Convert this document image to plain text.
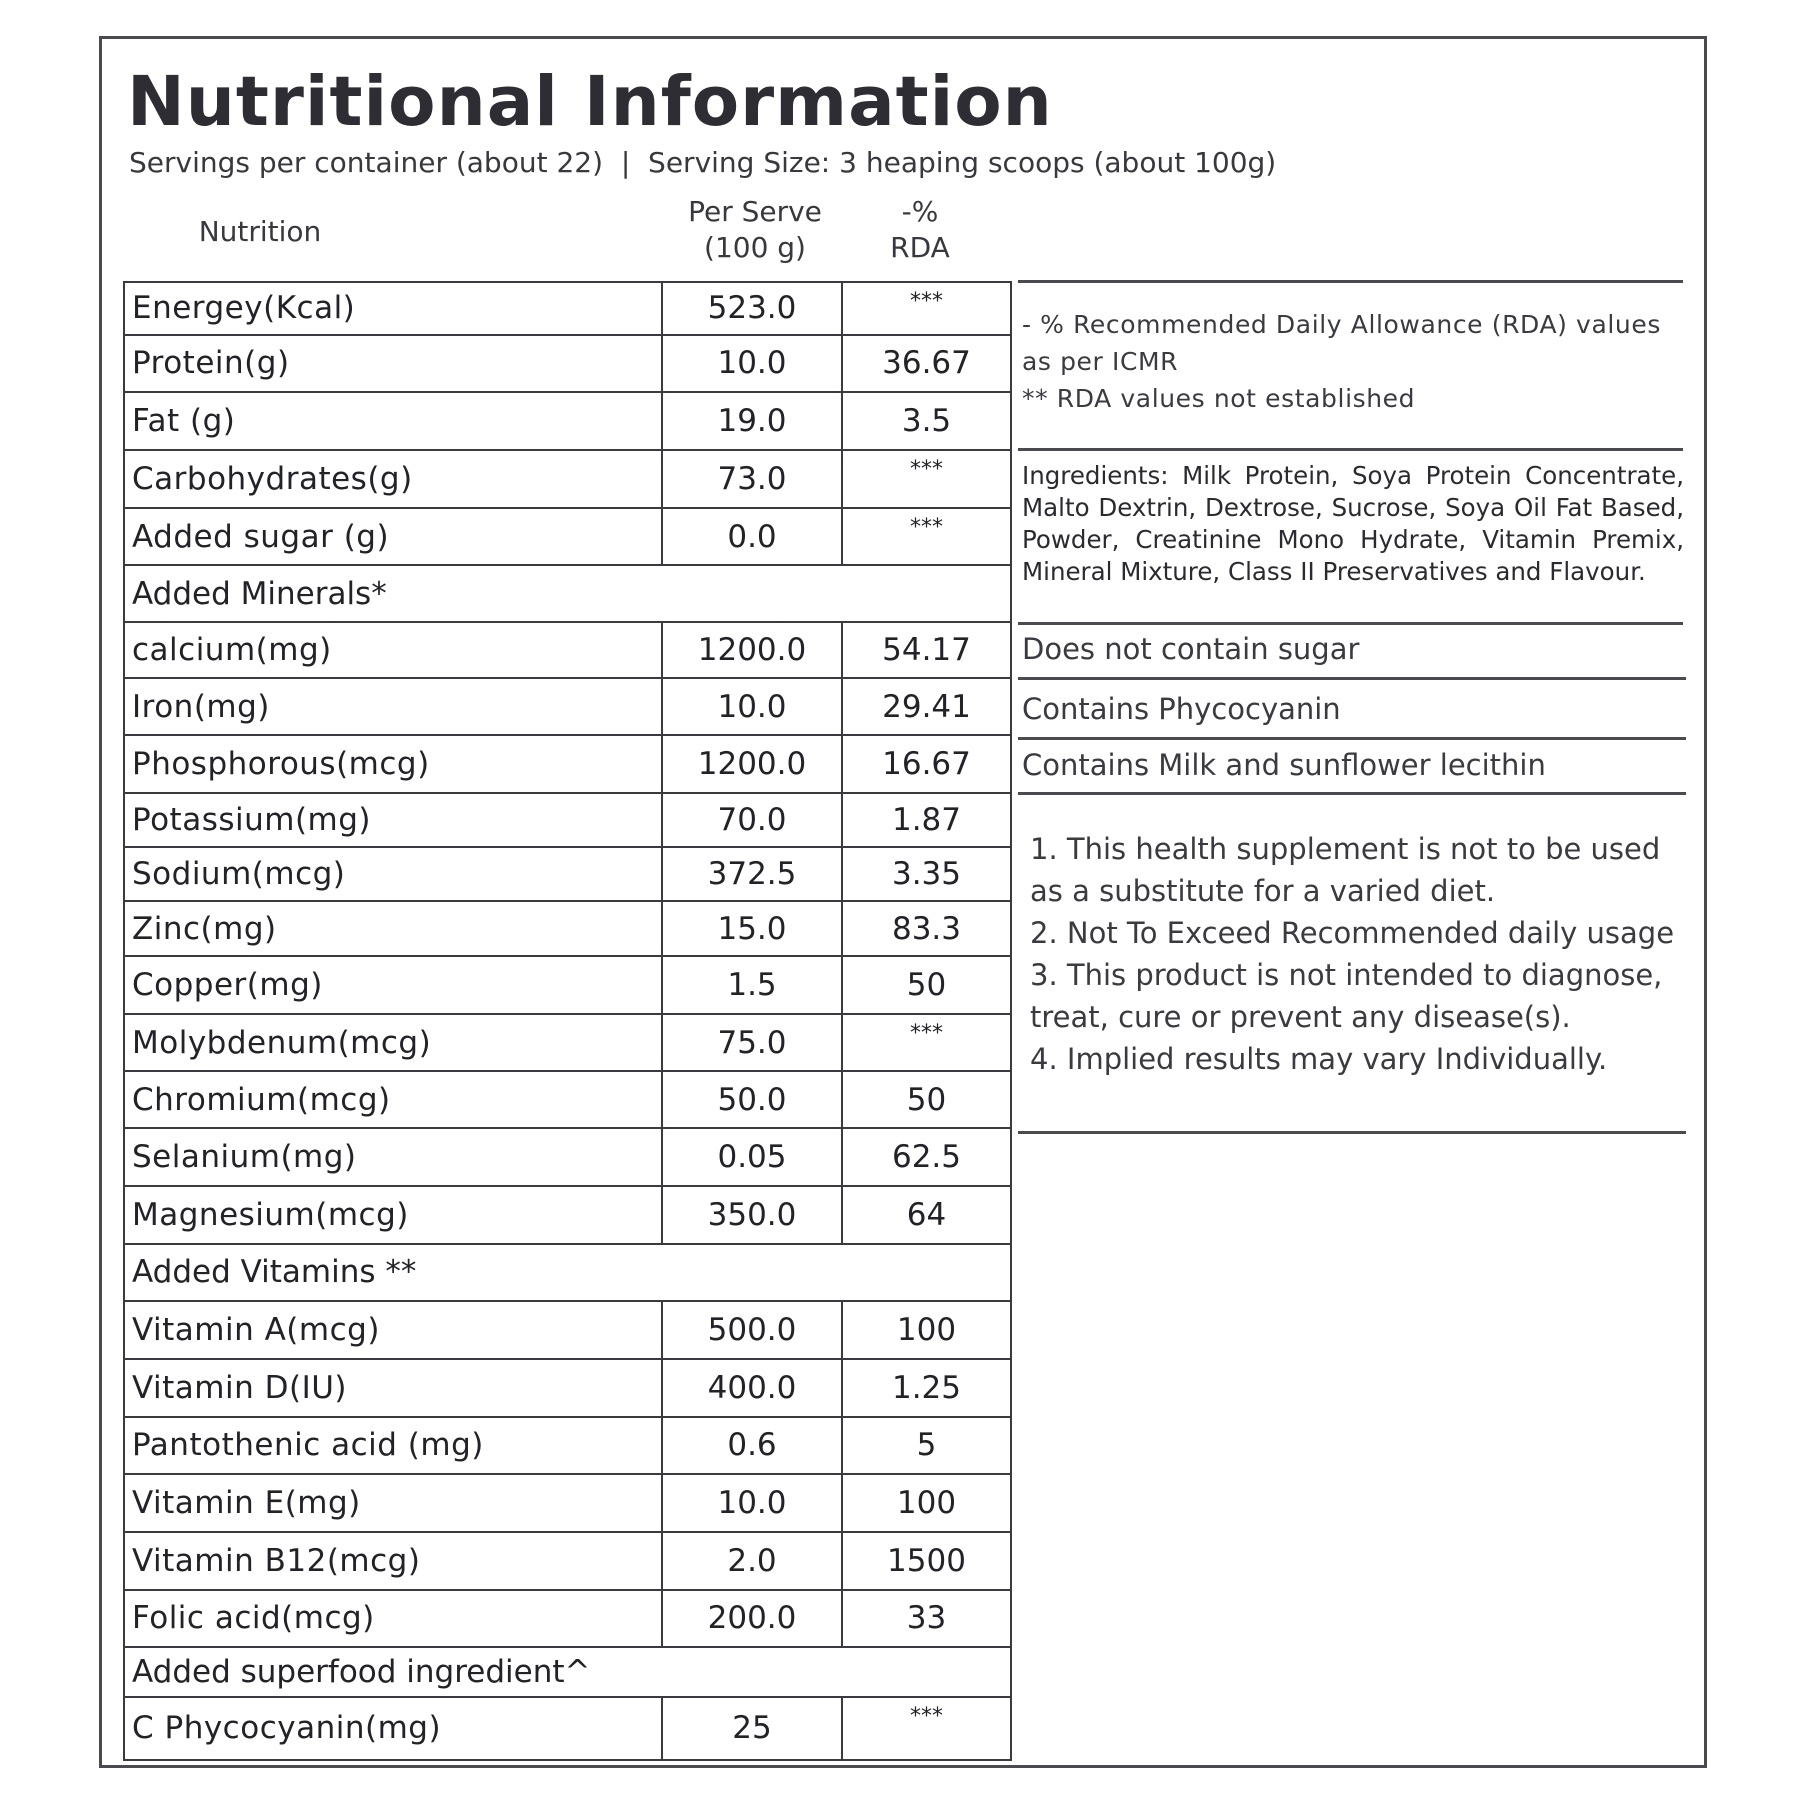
Nutritional Information
Servings per container (about 22)  |  Serving Size: 3 heaping scoops (about 100g)
Nutrition
Per Serve
(100 g)
-%
RDA
Energey(Kcal)	523.0	***
Protein(g)	10.0	36.67
Fat (g)	19.0	3.5
Carbohydrates(g)	73.0	***
Added sugar (g)	0.0	***
Added Minerals*		
calcium(mg)	1200.0	54.17
Iron(mg)	10.0	29.41
Phosphorous(mcg)	1200.0	16.67
Potassium(mg)	70.0	1.87
Sodium(mcg)	372.5	3.35
Zinc(mg)	15.0	83.3
Copper(mg)	1.5	50
Molybdenum(mcg)	75.0	***
Chromium(mcg)	50.0	50
Selanium(mg)	0.05	62.5
Magnesium(mcg)	350.0	64
Added Vitamins **		
Vitamin A(mcg)	500.0	100
Vitamin D(IU)	400.0	1.25
Pantothenic acid (mg)	0.6	5
Vitamin E(mg)	10.0	100
Vitamin B12(mcg)	2.0	1500
Folic acid(mcg)	200.0	33
Added superfood ingredient^		
C Phycocyanin(mg)	25	***
- % Recommended Daily Allowance (RDA) values as per ICMR
** RDA values not established
Ingredients: Milk Protein, Soya Protein Concentrate, Malto Dextrin, Dextrose, Sucrose, Soya Oil Fat Based, Powder, Creatinine Mono Hydrate, Vitamin Premix, Mineral Mixture, Class II Preservatives and Flavour.
Does not contain sugar
Contains Phycocyanin
Contains Milk and sunflower lecithin
1. This health supplement is not to be used as a substitute for a varied diet.
2. Not To Exceed Recommended daily usage
3. This product is not intended to diagnose, treat, cure or prevent any disease(s).
4. Implied results may vary Individually.
